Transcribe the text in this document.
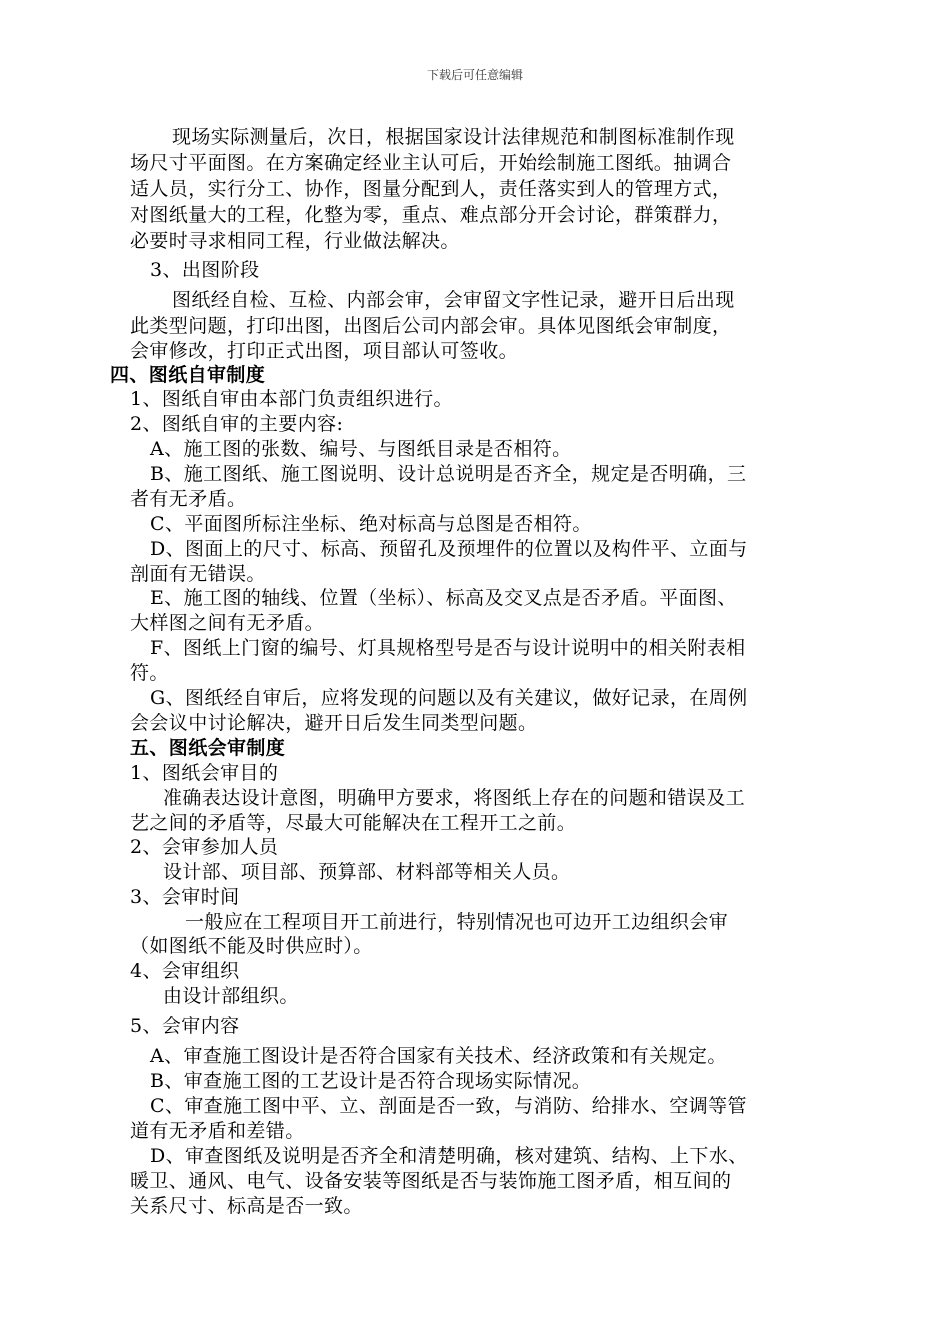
下载后可任意编辑
现场实际测量后，次日，根据国家设计法律规范和制图标准制作现
场尺寸平面图。在方案确定经业主认可后，开始绘制施工图纸。抽调合
适人员，实行分工、协作，图量分配到人，责任落实到人的管理方式，
对图纸量大的工程，化整为零，重点、难点部分开会讨论，群策群力，
必要时寻求相同工程，行业做法解决。
3、出图阶段
图纸经自检、互检、内部会审，会审留文字性记录，避开日后出现
此类型问题，打印出图，出图后公司内部会审。具体见图纸会审制度，
会审修改，打印正式出图，项目部认可签收。
四、图纸自审制度
1、图纸自审由本部门负责组织进行。
2、图纸自审的主要内容:
A、施工图的张数、编号、与图纸目录是否相符。
B、施工图纸、施工图说明、设计总说明是否齐全，规定是否明确，三
者有无矛盾。
C、平面图所标注坐标、绝对标高与总图是否相符。
D、图面上的尺寸、标高、预留孔及预埋件的位置以及构件平、立面与
剖面有无错误。
E、施工图的轴线、位置（坐标）、标高及交叉点是否矛盾。平面图、
大样图之间有无矛盾。
F、图纸上门窗的编号、灯具规格型号是否与设计说明中的相关附表相
符。
G、图纸经自审后，应将发现的问题以及有关建议，做好记录，在周例
会会议中讨论解决，避开日后发生同类型问题。
五、图纸会审制度
1、图纸会审目的
准确表达设计意图，明确甲方要求，将图纸上存在的问题和错误及工
艺之间的矛盾等，尽最大可能解决在工程开工之前。
2、会审参加人员
设计部、项目部、预算部、材料部等相关人员。
3、会审时间
一般应在工程项目开工前进行，特别情况也可边开工边组织会审
（如图纸不能及时供应时）。
4、会审组织
由设计部组织。
5、会审内容
A、审查施工图设计是否符合国家有关技术、经济政策和有关规定。
B、审查施工图的工艺设计是否符合现场实际情况。
C、审查施工图中平、立、剖面是否一致，与消防、给排水、空调等管
道有无矛盾和差错。
D、审查图纸及说明是否齐全和清楚明确，核对建筑、结构、上下水、
暖卫、通风、电气、设备安装等图纸是否与装饰施工图矛盾，相互间的
关系尺寸、标高是否一致。
